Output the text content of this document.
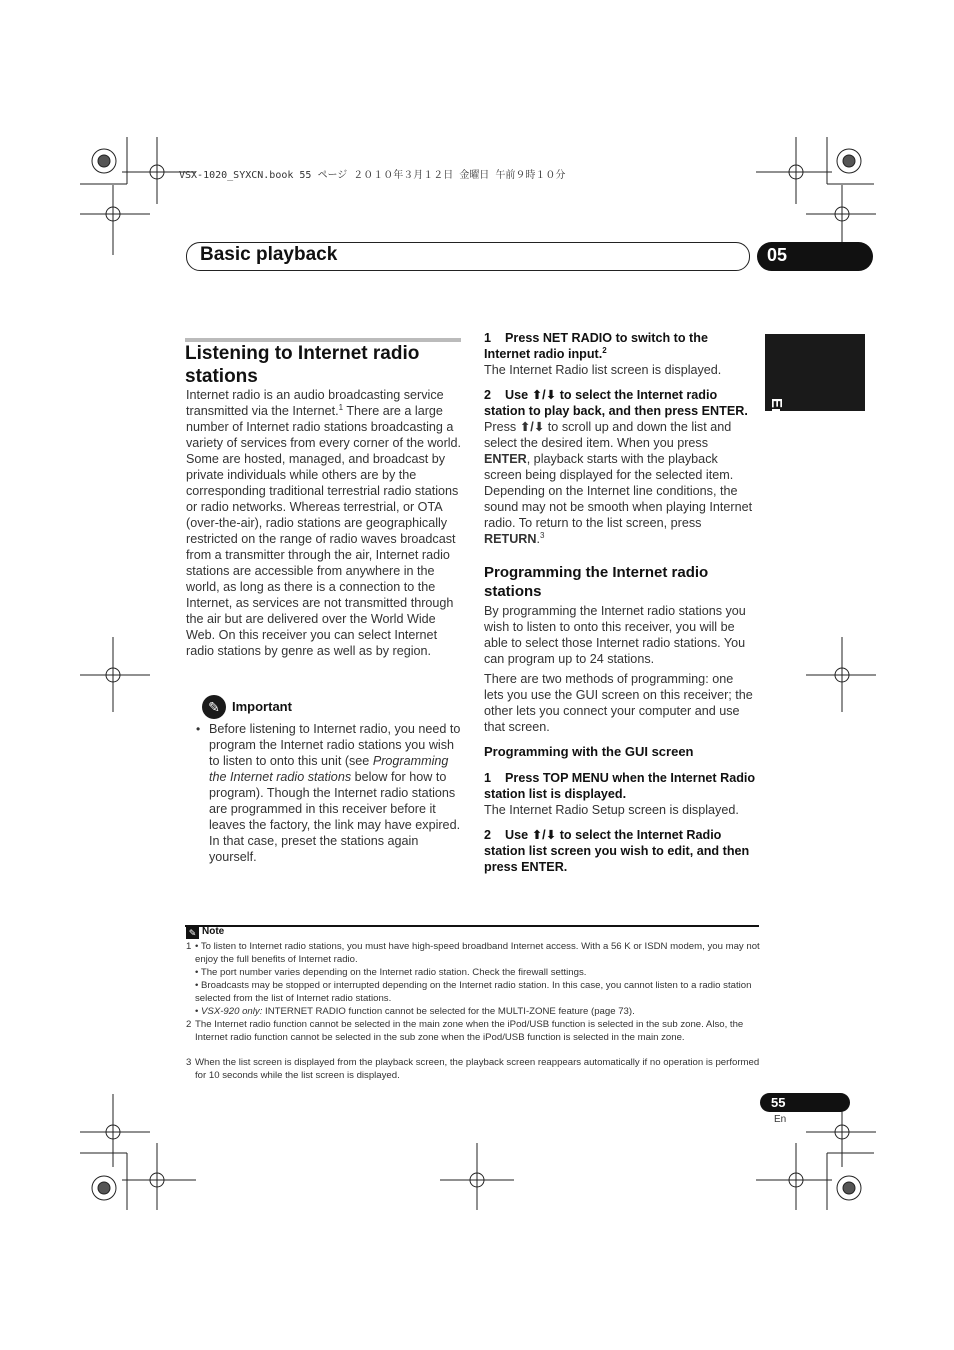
VSX-1020_SYXCN.book 55 ページ ２０１０年３月１２日 金曜日 午前９時１０分
Basic playback	05
English
Listening to Internet radio
stations

Internet radio is an audio broadcasting service transmitted via the Internet.$^1$ There are a large number of Internet radio stations broadcasting a variety of services from every corner of the world. Some are hosted, managed, and broadcast by private individuals while others are by the corresponding traditional terrestrial radio stations or radio networks. Whereas terrestrial, or OTA (over-the-air), radio stations are geographically restricted on the range of radio waves broadcast from a transmitter through the air, Internet radio stations are accessible from anywhere in the world, as long as there is a connection to the Internet, as services are not transmitted through the air but are delivered over the World Wide Web. On this receiver you can select Internet radio stations by genre as well as by region.

✎ Important
• Before listening to Internet radio, you need to program the Internet radio stations you wish to listen to onto this unit (see Programming the Internet radio stations below for how to program). Though the Internet radio stations are programmed in this receiver before it leaves the factory, the link may have expired. In that case, preset the stations again yourself.

1 Press NET RADIO to switch to the Internet radio input.$^2$

The Internet Radio list screen is displayed.

2 Use ⬆/⬇ to select the Internet radio station to play back, and then press ENTER.

Press ⬆/⬇ to scroll up and down the list and select the desired item. When you press ENTER, playback starts with the playback screen being displayed for the selected item. Depending on the Internet line conditions, the sound may not be smooth when playing Internet radio. To return to the list screen, press RETURN.$^3$

Programming the Internet radio stations

By programming the Internet radio stations you wish to listen to onto this receiver, you will be able to select those Internet radio stations. You can program up to 24 stations.

There are two methods of programming: one lets you use the GUI screen on this receiver; the other lets you connect your computer and use that screen.

Programming with the GUI screen

1 Press TOP MENU when the Internet Radio station list is displayed.

The Internet Radio Setup screen is displayed.

2 Use ⬆/⬇ to select the Internet Radio station list screen you wish to edit, and then press ENTER.

✎ Note
1 • To listen to Internet radio stations, you must have high-speed broadband Internet access. With a 56 K or ISDN modem, you may not enjoy the full benefits of Internet radio.

• The port number varies depending on the Internet radio station. Check the firewall settings.

• Broadcasts may be stopped or interrupted depending on the Internet radio station. In this case, you cannot listen to a radio station selected from the list of Internet radio stations.

• VSX-920 only: INTERNET RADIO function cannot be selected for the MULTI-ZONE feature (page 73).

2 The Internet radio function cannot be selected in the main zone when the iPod/USB function is selected in the sub zone. Also, the Internet radio function cannot be selected in the sub zone when the iPod/USB function is selected in the main zone.

3 When the list screen is displayed from the playback screen, the playback screen reappears automatically if no operation is performed for 10 seconds while the list screen is displayed.

55
En
